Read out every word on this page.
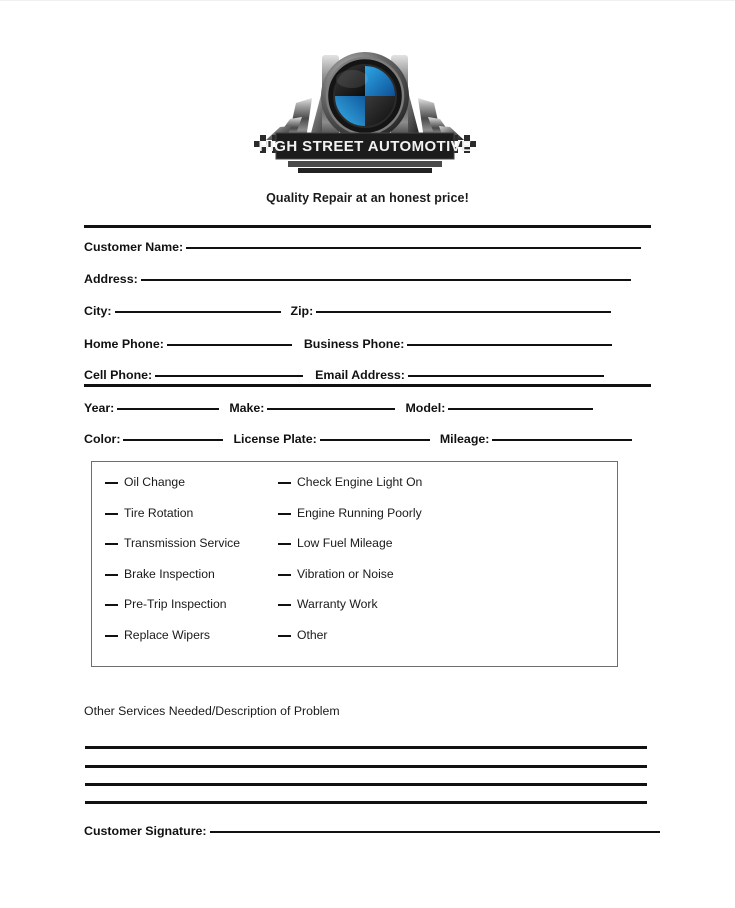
HIGH STREET AUTOMOTIVE
Quality Repair at an honest price!
Customer Name:
Address:
City:	Zip:
Home Phone:	Business Phone:
Cell Phone:	Email Address:
Year:	Make:	Model:
Color:	License Plate:	Mileage:
Oil Change
Tire Rotation
Transmission Service
Brake Inspection
Pre-Trip Inspection
Replace Wipers
Check Engine Light On
Engine Running Poorly
Low Fuel Mileage
Vibration or Noise
Warranty Work
Other
Other Services Needed/Description of Problem
Customer Signature:
